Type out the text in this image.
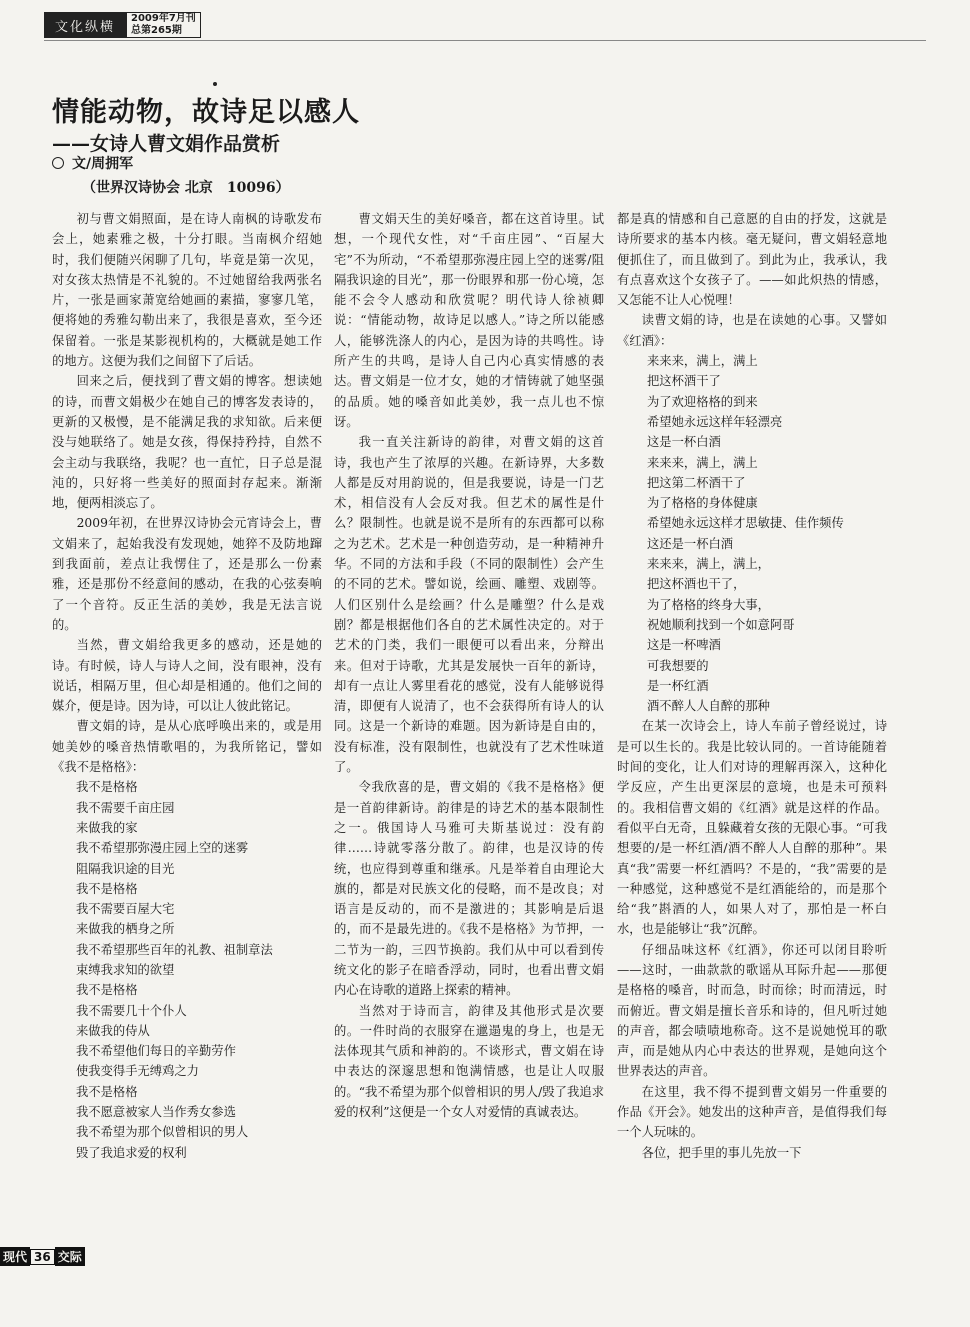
文化纵横
2009年7月刊
总第265期
情能动物，故诗足以感人
——女诗人曹文娟作品赏析
文/周拥军
（世界汉诗协会 北京　10096）

初与曹文娟照面，是在诗人南枫的诗歌发布会上，她素雅之极，十分打眼。当南枫介绍她时，我们便随兴闲聊了几句，毕竟是第一次见，对女孩太热情是不礼貌的。不过她留给我两张名片，一张是画家萧宽给她画的素描，寥寥几笔，便将她的秀雅勾勒出来了，我很是喜欢，至今还保留着。一张是某影视机构的，大概就是她工作的地方。这便为我们之间留下了后话。

回来之后，便找到了曹文娟的博客。想读她的诗，而曹文娟极少在她自己的博客发表诗的，更新的又极慢，是不能满足我的求知欲。后来便没与她联络了。她是女孩，得保持矜持，自然不会主动与我联络，我呢？也一直忙，日子总是混沌的，只好将一些美好的照面封存起来。渐渐地，便两相淡忘了。

2009年初，在世界汉诗协会元宵诗会上，曹文娟来了，起始我没有发现她，她猝不及防地蹿到我面前，差点让我愣住了，还是那么一份素雅，还是那份不经意间的感动，在我的心弦奏响了一个音符。反正生活的美妙，我是无法言说的。

当然，曹文娟给我更多的感动，还是她的诗。有时候，诗人与诗人之间，没有眼神，没有说话，相隔万里，但心却是相通的。他们之间的媒介，便是诗。因为诗，可以让人彼此铭记。

曹文娟的诗，是从心底呼唤出来的，或是用她美妙的嗓音热情歌唱的，为我所铭记，譬如《我不是格格》：

我不是格格
我不需要千亩庄园
来做我的家
我不希望那弥漫庄园上空的迷雾
阻隔我识途的目光
我不是格格
我不需要百屋大宅
来做我的栖身之所
我不希望那些百年的礼教、祖制章法
束缚我求知的欲望
我不是格格
我不需要几十个仆人
来做我的侍从
我不希望他们每日的辛勤劳作
使我变得手无缚鸡之力
我不是格格
我不愿意被家人当作秀女参选
我不希望为那个似曾相识的男人
毁了我追求爱的权利

曹文娟天生的美好嗓音，都在这首诗里。试想，一个现代女性，对“千亩庄园”、“百屋大宅”不为所动，“不希望那弥漫庄园上空的迷雾/阻隔我识途的目光”，那一份眼界和那一份心境，怎能不会令人感动和欣赏呢？明代诗人徐祯卿说：“情能动物，故诗足以感人。”诗之所以能感人，能够洗涤人的内心，是因为诗的共鸣性。诗所产生的共鸣，是诗人自己内心真实情感的表达。曹文娟是一位才女，她的才情铸就了她坚强的品质。她的嗓音如此美妙，我一点儿也不惊讶。

我一直关注新诗的韵律，对曹文娟的这首诗，我也产生了浓厚的兴趣。在新诗界，大多数人都是反对用韵说的，但是我要说，诗是一门艺术，相信没有人会反对我。但艺术的属性是什么？限制性。也就是说不是所有的东西都可以称之为艺术。艺术是一种创造劳动，是一种精神升华。不同的方法和手段（不同的限制性）会产生的不同的艺术。譬如说，绘画、雕塑、戏剧等。人们区别什么是绘画？什么是雕塑？什么是戏剧？都是根据他们各自的艺术属性决定的。对于艺术的门类，我们一眼便可以看出来，分辩出来。但对于诗歌，尤其是发展快一百年的新诗，却有一点让人雾里看花的感觉，没有人能够说得清，即便有人说清了，也不会获得所有诗人的认同。这是一个新诗的难题。因为新诗是自由的，没有标准，没有限制性，也就没有了艺术性味道了。

令我欣喜的是，曹文娟的《我不是格格》便是一首韵律新诗。韵律是的诗艺术的基本限制性之一。俄国诗人马雅可夫斯基说过：没有韵律……诗就零落分散了。韵律，也是汉诗的传统，也应得到尊重和继承。凡是举着自由理论大旗的，都是对民族文化的侵略，而不是改良；对语言是反动的，而不是激进的；其影响是后退的，而不是最先进的。《我不是格格》为节押，一二节为一韵，三四节换韵。我们从中可以看到传统文化的影子在暗香浮动，同时，也看出曹文娟内心在诗歌的道路上探索的精神。

当然对于诗而言，韵律及其他形式是次要的。一件时尚的衣服穿在邋遢鬼的身上，也是无法体现其气质和神韵的。不谈形式，曹文娟在诗中表达的深邃思想和饱满情感，也是让人叹服的。“我不希望为那个似曾相识的男人/毁了我追求爱的权利”这便是一个女人对爱情的真诚表达。

都是真的情感和自己意愿的自由的抒发，这就是诗所要求的基本内核。毫无疑问，曹文娟轻意地便抓住了，而且做到了。到此为止，我承认，我有点喜欢这个女孩子了。——如此炽热的情感，又怎能不让人心悦哩！

读曹文娟的诗，也是在读她的心事。又譬如《红酒》：

来来来，满上，满上
把这杯酒干了
为了欢迎格格的到来
希望她永远这样年轻漂亮
这是一杯白酒
来来来，满上，满上
把这第二杯酒干了
为了格格的身体健康
希望她永远这样才思敏捷、佳作频传
这还是一杯白酒
来来来，满上，满上，
把这杯酒也干了，
为了格格的终身大事，
祝她顺利找到一个如意阿哥
这是一杯啤酒
可我想要的
是一杯红酒
酒不醉人人自醉的那种

在某一次诗会上，诗人车前子曾经说过，诗是可以生长的。我是比较认同的。一首诗能随着时间的变化，让人们对诗的理解再深入，这种化学反应，产生出更深层的意境，也是未可预料的。我相信曹文娟的《红酒》就是这样的作品。看似平白无奇，且躲藏着女孩的无限心事。“可我想要的/是一杯红酒/酒不醉人人自醉的那种”。果真“我”需要一杯红酒吗？不是的，“我”需要的是一种感觉，这种感觉不是红酒能给的，而是那个给“我”斟酒的人，如果人对了，那怕是一杯白水，也是能够让“我”沉醉。

仔细品味这杯《红酒》，你还可以闭目聆听——这时，一曲款款的歌谣从耳际升起——那便是格格的嗓音，时而急，时而徐；时而清远，时而俯近。曹文娟是擅长音乐和诗的，但凡听过她的声音，都会啧啧地称奇。这不是说她悦耳的歌声，而是她从内心中表达的世界观，是她向这个世界表达的声音。

在这里，我不得不提到曹文娟另一件重要的作品《开会》。她发出的这种声音，是值得我们每一个人玩味的。

各位，把手里的事儿先放一下

现代 36 交际
